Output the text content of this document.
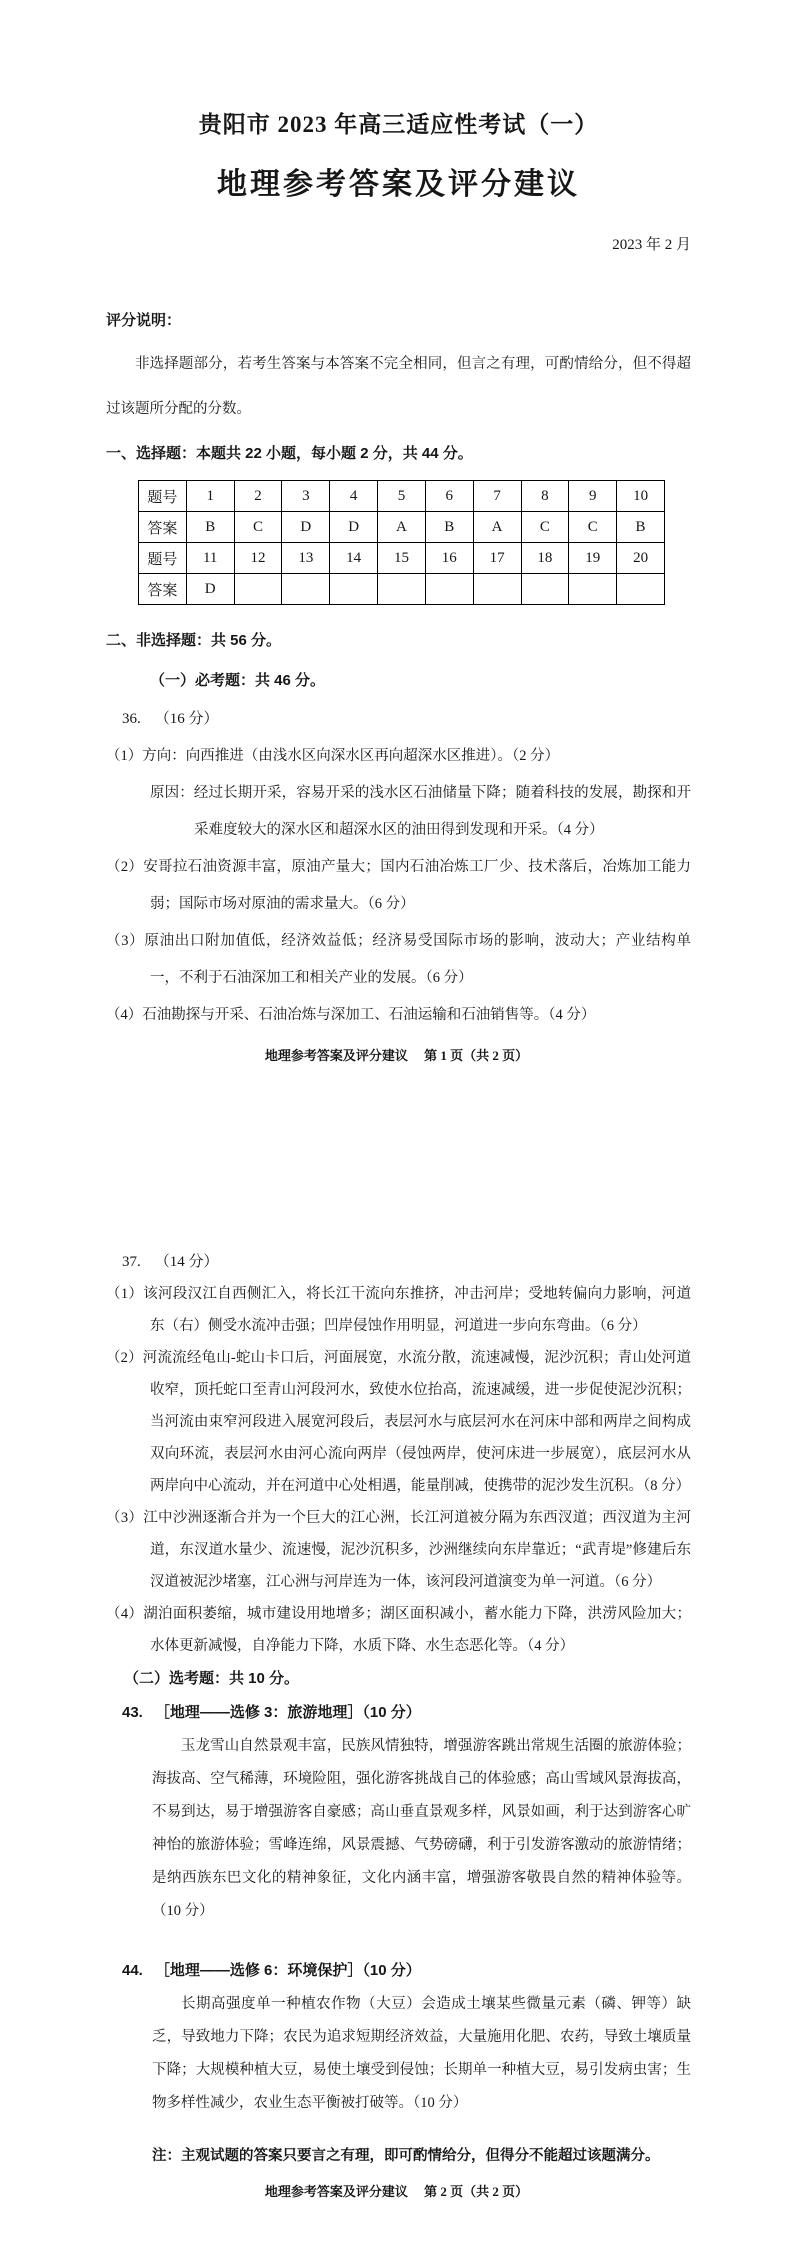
贵阳市 2023 年高三适应性考试（一）
地理参考答案及评分建议
2023 年 2 月
评分说明：

非选择题部分，若考生答案与本答案不完全相同，但言之有理，可酌情给分，但不得超过该题所分配的分数。

一、选择题：本题共 22 小题，每小题 2 分，共 44 分。
题号	1	2	3	4	5	6	7	8	9	10
答案	B	C	D	D	A	B	A	C	C	B
题号	11	12	13	14	15	16	17	18	19	20
答案	D									
二、非选择题：共 56 分。
（一）必考题：共 46 分。
36. （16 分）

（1）方向：向西推进（由浅水区向深水区再向超深水区推进）。（2 分）

原因：经过长期开采，容易开采的浅水区石油储量下降；随着科技的发展，勘探和开采难度较大的深水区和超深水区的油田得到发现和开采。（4 分）

（2）安哥拉石油资源丰富，原油产量大；国内石油冶炼工厂少、技术落后，冶炼加工能力弱；国际市场对原油的需求量大。（6 分）

（3）原油出口附加值低，经济效益低；经济易受国际市场的影响，波动大；产业结构单一，不利于石油深加工和相关产业的发展。（6 分）

（4）石油勘探与开采、石油冶炼与深加工、石油运输和石油销售等。（4 分）

地理参考答案及评分建议　 第 1 页（共 2 页）
37. （14 分）

（1）该河段汉江自西侧汇入，将长江干流向东推挤，冲击河岸；受地转偏向力影响，河道东（右）侧受水流冲击强；凹岸侵蚀作用明显，河道进一步向东弯曲。（6 分）

（2）河流流经龟山-蛇山卡口后，河面展宽，水流分散，流速减慢，泥沙沉积；青山处河道收窄，顶托蛇口至青山河段河水，致使水位抬高，流速减缓，进一步促使泥沙沉积；当河流由束窄河段进入展宽河段后，表层河水与底层河水在河床中部和两岸之间构成双向环流，表层河水由河心流向两岸（侵蚀两岸，使河床进一步展宽），底层河水从两岸向中心流动，并在河道中心处相遇，能量削减，使携带的泥沙发生沉积。（8 分）

（3）江中沙洲逐渐合并为一个巨大的江心洲，长江河道被分隔为东西汊道；西汊道为主河道，东汊道水量少、流速慢，泥沙沉积多，沙洲继续向东岸靠近；“武青堤”修建后东汊道被泥沙堵塞，江心洲与河岸连为一体，该河段河道演变为单一河道。（6 分）

（4）湖泊面积萎缩，城市建设用地增多；湖区面积减小，蓄水能力下降，洪涝风险加大；水体更新减慢，自净能力下降，水质下降、水生态恶化等。（4 分）

（二）选考题：共 10 分。
43. ［地理——选修 3：旅游地理］（10 分）

玉龙雪山自然景观丰富，民族风情独特，增强游客跳出常规生活圈的旅游体验；海拔高、空气稀薄，环境险阻，强化游客挑战自己的体验感；高山雪域风景海拔高，不易到达，易于增强游客自豪感；高山垂直景观多样，风景如画，利于达到游客心旷神怡的旅游体验；雪峰连绵，风景震撼、气势磅礴，利于引发游客激动的旅游情绪；是纳西族东巴文化的精神象征，文化内涵丰富，增强游客敬畏自然的精神体验等。（10 分）

44. ［地理——选修 6：环境保护］（10 分）

长期高强度单一种植农作物（大豆）会造成土壤某些微量元素（磷、钾等）缺乏，导致地力下降；农民为追求短期经济效益，大量施用化肥、农药，导致土壤质量下降；大规模种植大豆，易使土壤受到侵蚀；长期单一种植大豆，易引发病虫害；生物多样性减少，农业生态平衡被打破等。（10 分）

注：主观试题的答案只要言之有理，即可酌情给分，但得分不能超过该题满分。
地理参考答案及评分建议　 第 2 页（共 2 页）
